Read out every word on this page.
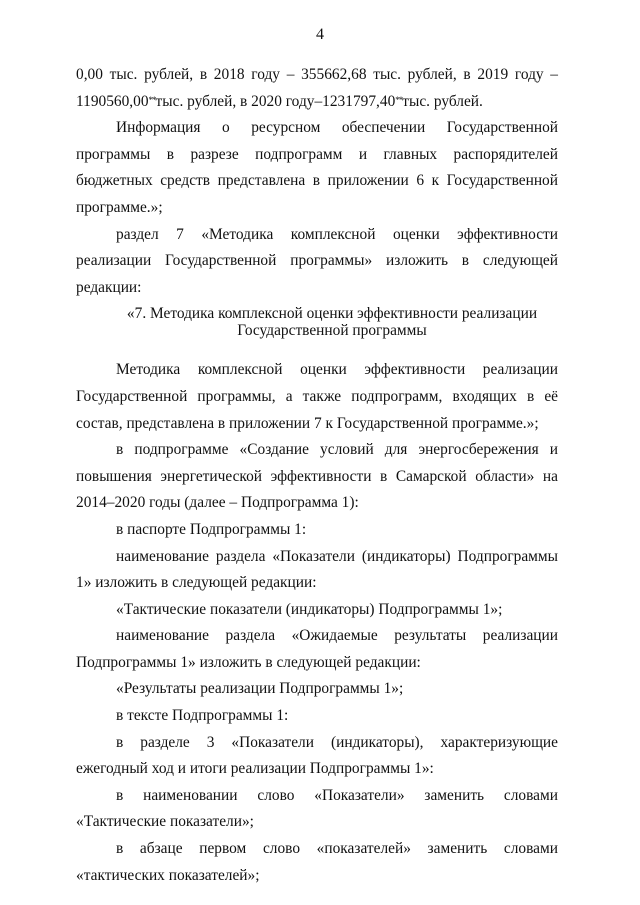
4

0,00 тыс. рублей, в 2018 году – 355662,68 тыс. рублей, в 2019 году –

1190560,00**тыс. рублей, в 2020 году–1231797,40**тыс. рублей.

Информация о ресурсном обеспечении Государственной программы в разрезе подпрограмм и главных распорядителей бюджетных средств представлена в приложении 6 к Государственной программе.»;

раздел 7 «Методика комплексной оценки эффективности реализации Государственной программы» изложить в следующей редакции:

«7. Методика комплексной оценки эффективности реализации
Государственной программы

Методика комплексной оценки эффективности реализации Государственной программы, а также подпрограмм, входящих в её состав, представлена в приложении 7 к Государственной программе.»;

в подпрограмме «Создание условий для энергосбережения и повышения энергетической эффективности в Самарской области» на 2014–2020 годы (далее – Подпрограмма 1):

в паспорте Подпрограммы 1:

наименование раздела «Показатели (индикаторы) Подпрограммы 1» изложить в следующей редакции:

«Тактические показатели (индикаторы) Подпрограммы 1»;

наименование раздела «Ожидаемые результаты реализации Подпрограммы 1» изложить в следующей редакции:

«Результаты реализации Подпрограммы 1»;

в тексте Подпрограммы 1:

в разделе 3 «Показатели (индикаторы), характеризующие ежегодный ход и итоги реализации Подпрограммы 1»:

в наименовании слово «Показатели» заменить словами «Тактические показатели»;

в абзаце первом слово «показателей» заменить словами «тактических показателей»;
